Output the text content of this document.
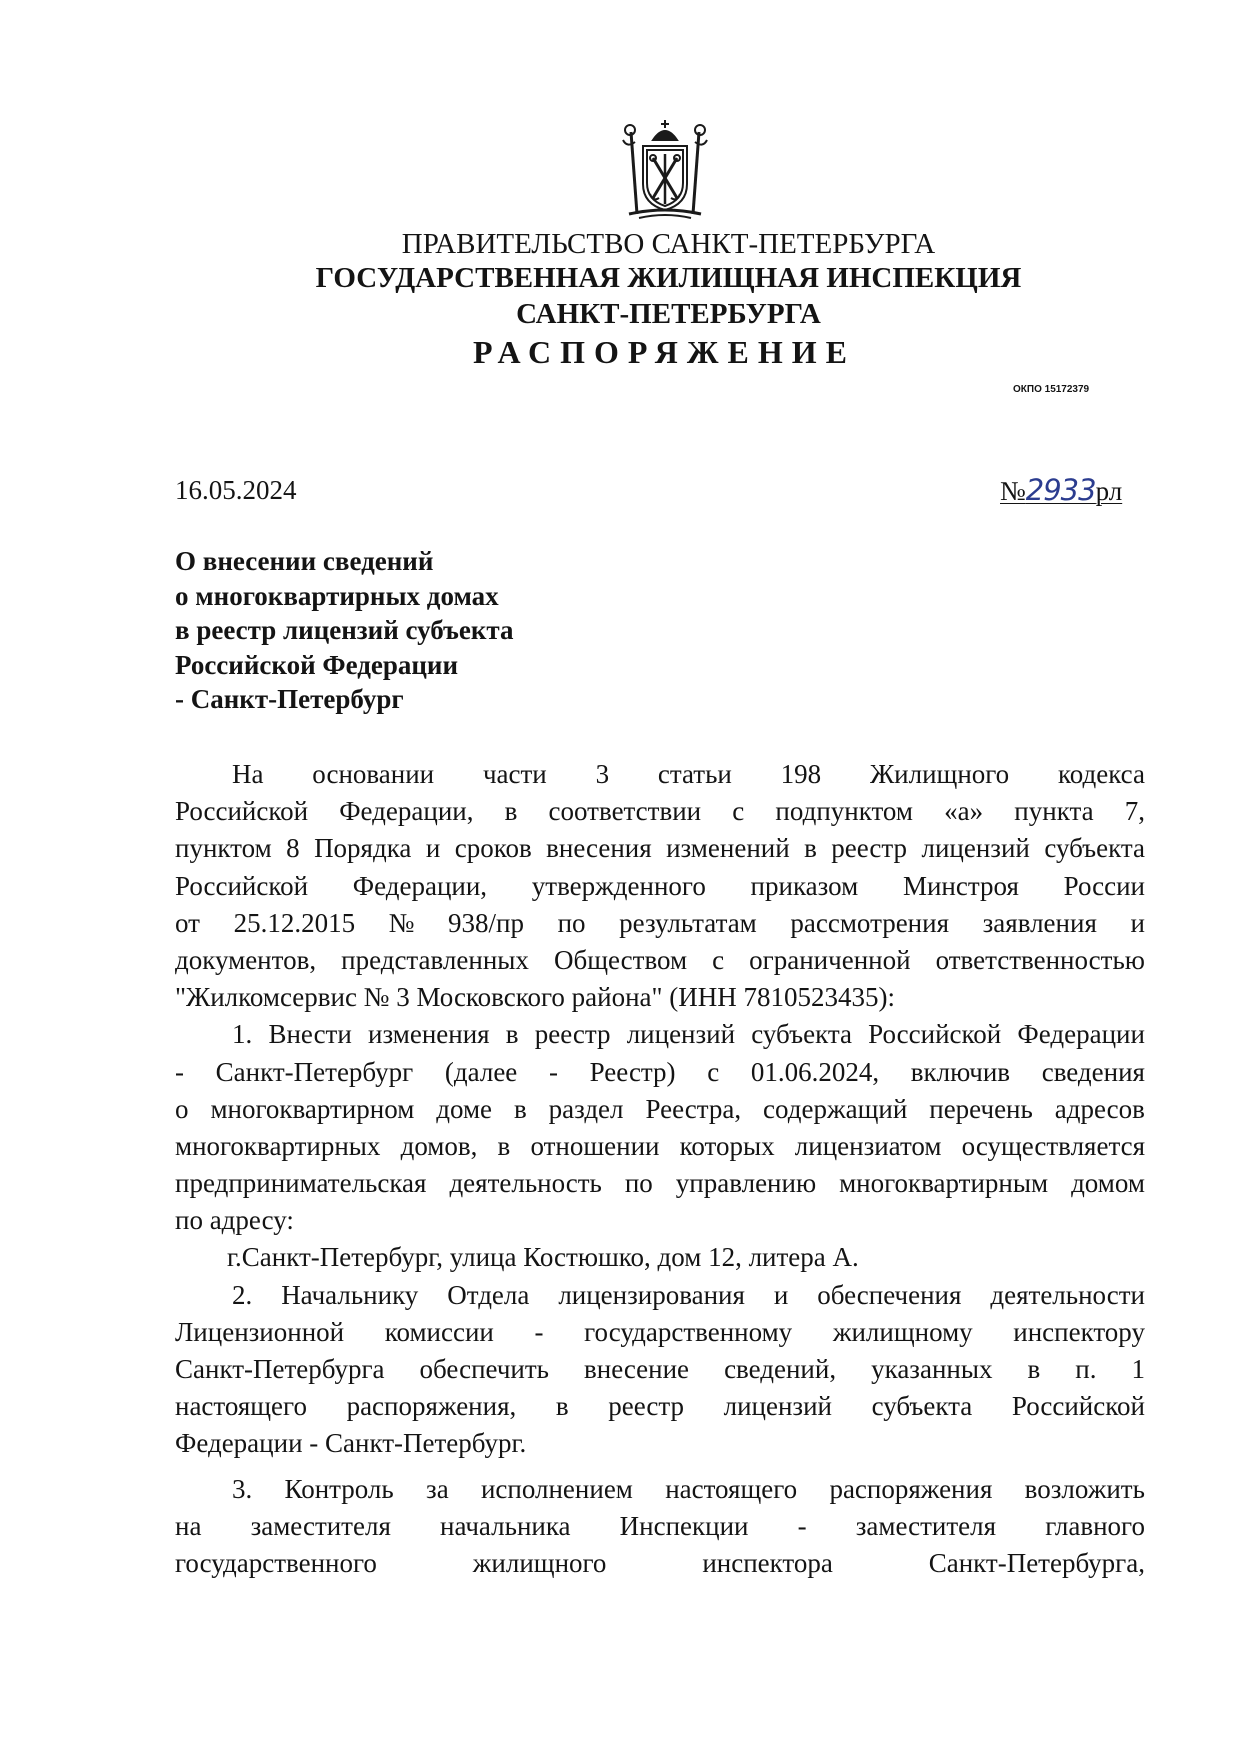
ПРАВИТЕЛЬСТВО САНКТ-ПЕТЕРБУРГА
ГОСУДАРСТВЕННАЯ ЖИЛИЩНАЯ ИНСПЕКЦИЯ
САНКТ-ПЕТЕРБУРГА
РАСПОРЯЖЕНИЕ
ОКПО 15172379
16.05.2024	№2933рл
О внесении сведений
о многоквартирных домах
в реестр лицензий субъекта
Российской Федерации
- Санкт-Петербург
На основании части 3 статьи 198 Жилищного кодекса
Российской Федерации, в соответствии с подпунктом «а» пункта 7,
пунктом 8 Порядка и сроков внесения изменений в реестр лицензий субъекта
Российской Федерации, утвержденного приказом Минстроя России
от 25.12.2015 № 938/пр по результатам рассмотрения заявления и
документов, представленных Обществом с ограниченной ответственностью
"Жилкомсервис № 3 Московского района" (ИНН 7810523435):
1. Внести изменения в реестр лицензий субъекта Российской Федерации
- Санкт-Петербург (далее - Реестр) с 01.06.2024, включив сведения
о многоквартирном доме в раздел Реестра, содержащий перечень адресов
многоквартирных домов, в отношении которых лицензиатом осуществляется
предпринимательская деятельность по управлению многоквартирным домом
по адресу:
г.Санкт-Петербург, улица Костюшко, дом 12, литера А.
2. Начальнику Отдела лицензирования и обеспечения деятельности
Лицензионной комиссии - государственному жилищному инспектору
Санкт-Петербурга обеспечить внесение сведений, указанных в п. 1
настоящего распоряжения, в реестр лицензий субъекта Российской
Федерации - Санкт-Петербург.
3. Контроль за исполнением настоящего распоряжения возложить
на заместителя начальника Инспекции - заместителя главного
государственного	жилищного	инспектора	Санкт-Петербурга,
